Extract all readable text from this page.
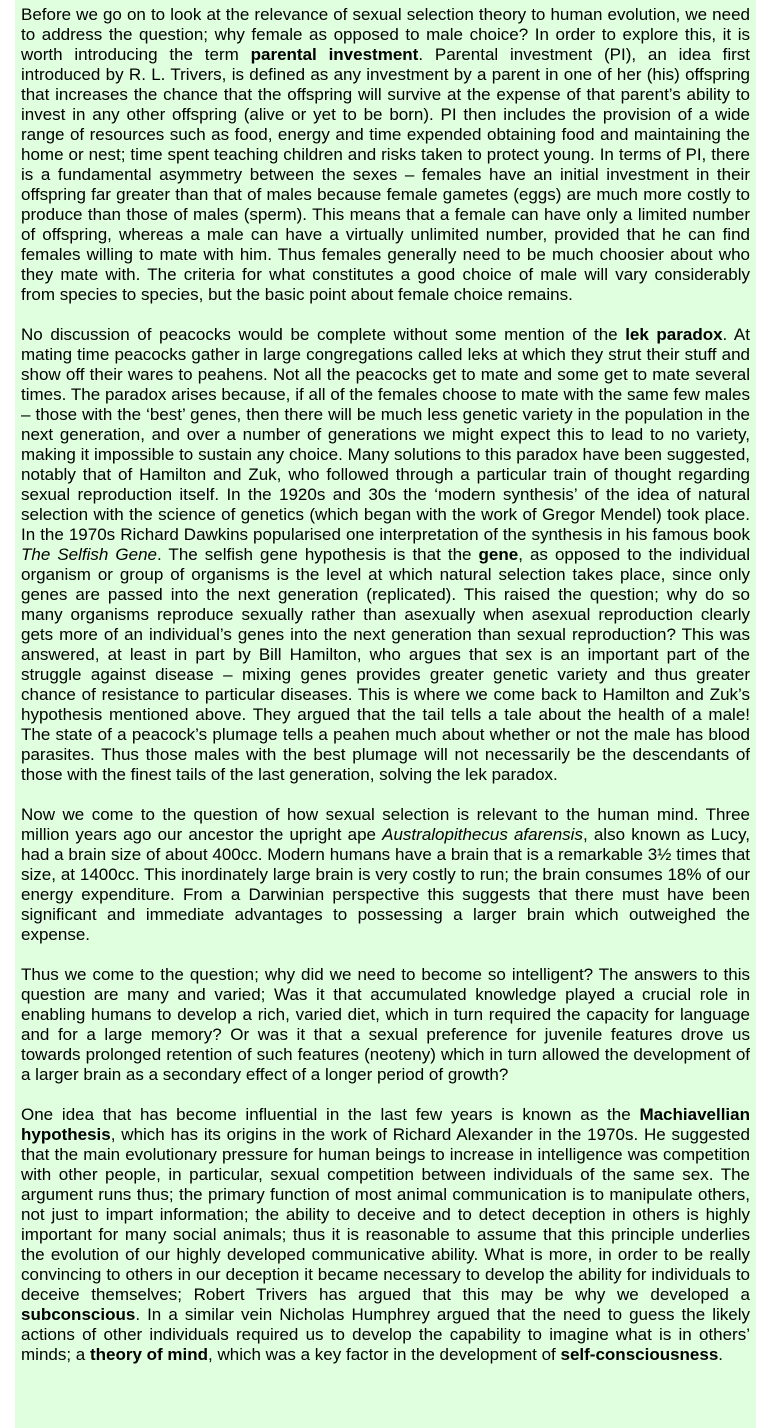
Before we go on to look at the relevance of sexual selection theory to human evolution, we need to address the question; why female as opposed to male choice? In order to explore this, it is worth introducing the term parental investment. Parental investment (PI), an idea first introduced by R. L. Trivers, is defined as any investment by a parent in one of her (his) offspring that increases the chance that the offspring will survive at the expense of that parent’s ability to invest in any other offspring (alive or yet to be born). PI then includes the provision of a wide range of resources such as food, energy and time expended obtaining food and maintaining the home or nest; time spent teaching children and risks taken to protect young. In terms of PI, there is a fundamental asymmetry between the sexes – females have an initial investment in their offspring far greater than that of males because female gametes (eggs) are much more costly to produce than those of males (sperm). This means that a female can have only a limited number of offspring, whereas a male can have a virtually unlimited number, provided that he can find females willing to mate with him. Thus females generally need to be much choosier about who they mate with. The criteria for what constitutes a good choice of male will vary considerably from species to species, but the basic point about female choice remains.

No discussion of peacocks would be complete without some mention of the lek paradox. At mating time peacocks gather in large congregations called leks at which they strut their stuff and show off their wares to peahens. Not all the peacocks get to mate and some get to mate several times. The paradox arises because, if all of the females choose to mate with the same few males – those with the ‘best’ genes, then there will be much less genetic variety in the population in the next generation, and over a number of generations we might expect this to lead to no variety, making it impossible to sustain any choice. Many solutions to this paradox have been suggested, notably that of Hamilton and Zuk, who followed through a particular train of thought regarding sexual reproduction itself. In the 1920s and 30s the ‘modern synthesis’ of the idea of natural selection with the science of genetics (which began with the work of Gregor Mendel) took place. In the 1970s Richard Dawkins popularised one interpretation of the synthesis in his famous book The Selfish Gene. The selfish gene hypothesis is that the gene, as opposed to the individual organism or group of organisms is the level at which natural selection takes place, since only genes are passed into the next generation (replicated). This raised the question; why do so many organisms reproduce sexually rather than asexually when asexual reproduction clearly gets more of an individual’s genes into the next generation than sexual reproduction? This was answered, at least in part by Bill Hamilton, who argues that sex is an important part of the struggle against disease – mixing genes provides greater genetic variety and thus greater chance of resistance to particular diseases. This is where we come back to Hamilton and Zuk’s hypothesis mentioned above. They argued that the tail tells a tale about the health of a male! The state of a peacock’s plumage tells a peahen much about whether or not the male has blood parasites. Thus those males with the best plumage will not necessarily be the descendants of those with the finest tails of the last generation, solving the lek paradox.

Now we come to the question of how sexual selection is relevant to the human mind. Three million years ago our ancestor the upright ape Australopithecus afarensis, also known as Lucy, had a brain size of about 400cc. Modern humans have a brain that is a remarkable 3½ times that size, at 1400cc. This inordinately large brain is very costly to run; the brain consumes 18% of our energy expenditure. From a Darwinian perspective this suggests that there must have been significant and immediate advantages to possessing a larger brain which outweighed the expense.

Thus we come to the question; why did we need to become so intelligent? The answers to this question are many and varied; Was it that accumulated knowledge played a crucial role in enabling humans to develop a rich, varied diet, which in turn required the capacity for language and for a large memory? Or was it that a sexual preference for juvenile features drove us towards prolonged retention of such features (neoteny) which in turn allowed the development of a larger brain as a secondary effect of a longer period of growth?

One idea that has become influential in the last few years is known as the Machiavellian hypothesis, which has its origins in the work of Richard Alexander in the 1970s. He suggested that the main evolutionary pressure for human beings to increase in intelligence was competition with other people, in particular, sexual competition between individuals of the same sex. The argument runs thus; the primary function of most animal communication is to manipulate others, not just to impart information; the ability to deceive and to detect deception in others is highly important for many social animals; thus it is reasonable to assume that this principle underlies the evolution of our highly developed communicative ability. What is more, in order to be really convincing to others in our deception it became necessary to develop the ability for individuals to deceive themselves; Robert Trivers has argued that this may be why we developed a subconscious. In a similar vein Nicholas Humphrey argued that the need to guess the likely actions of other individuals required us to develop the capability to imagine what is in others’ minds; a theory of mind, which was a key factor in the development of self-consciousness.
